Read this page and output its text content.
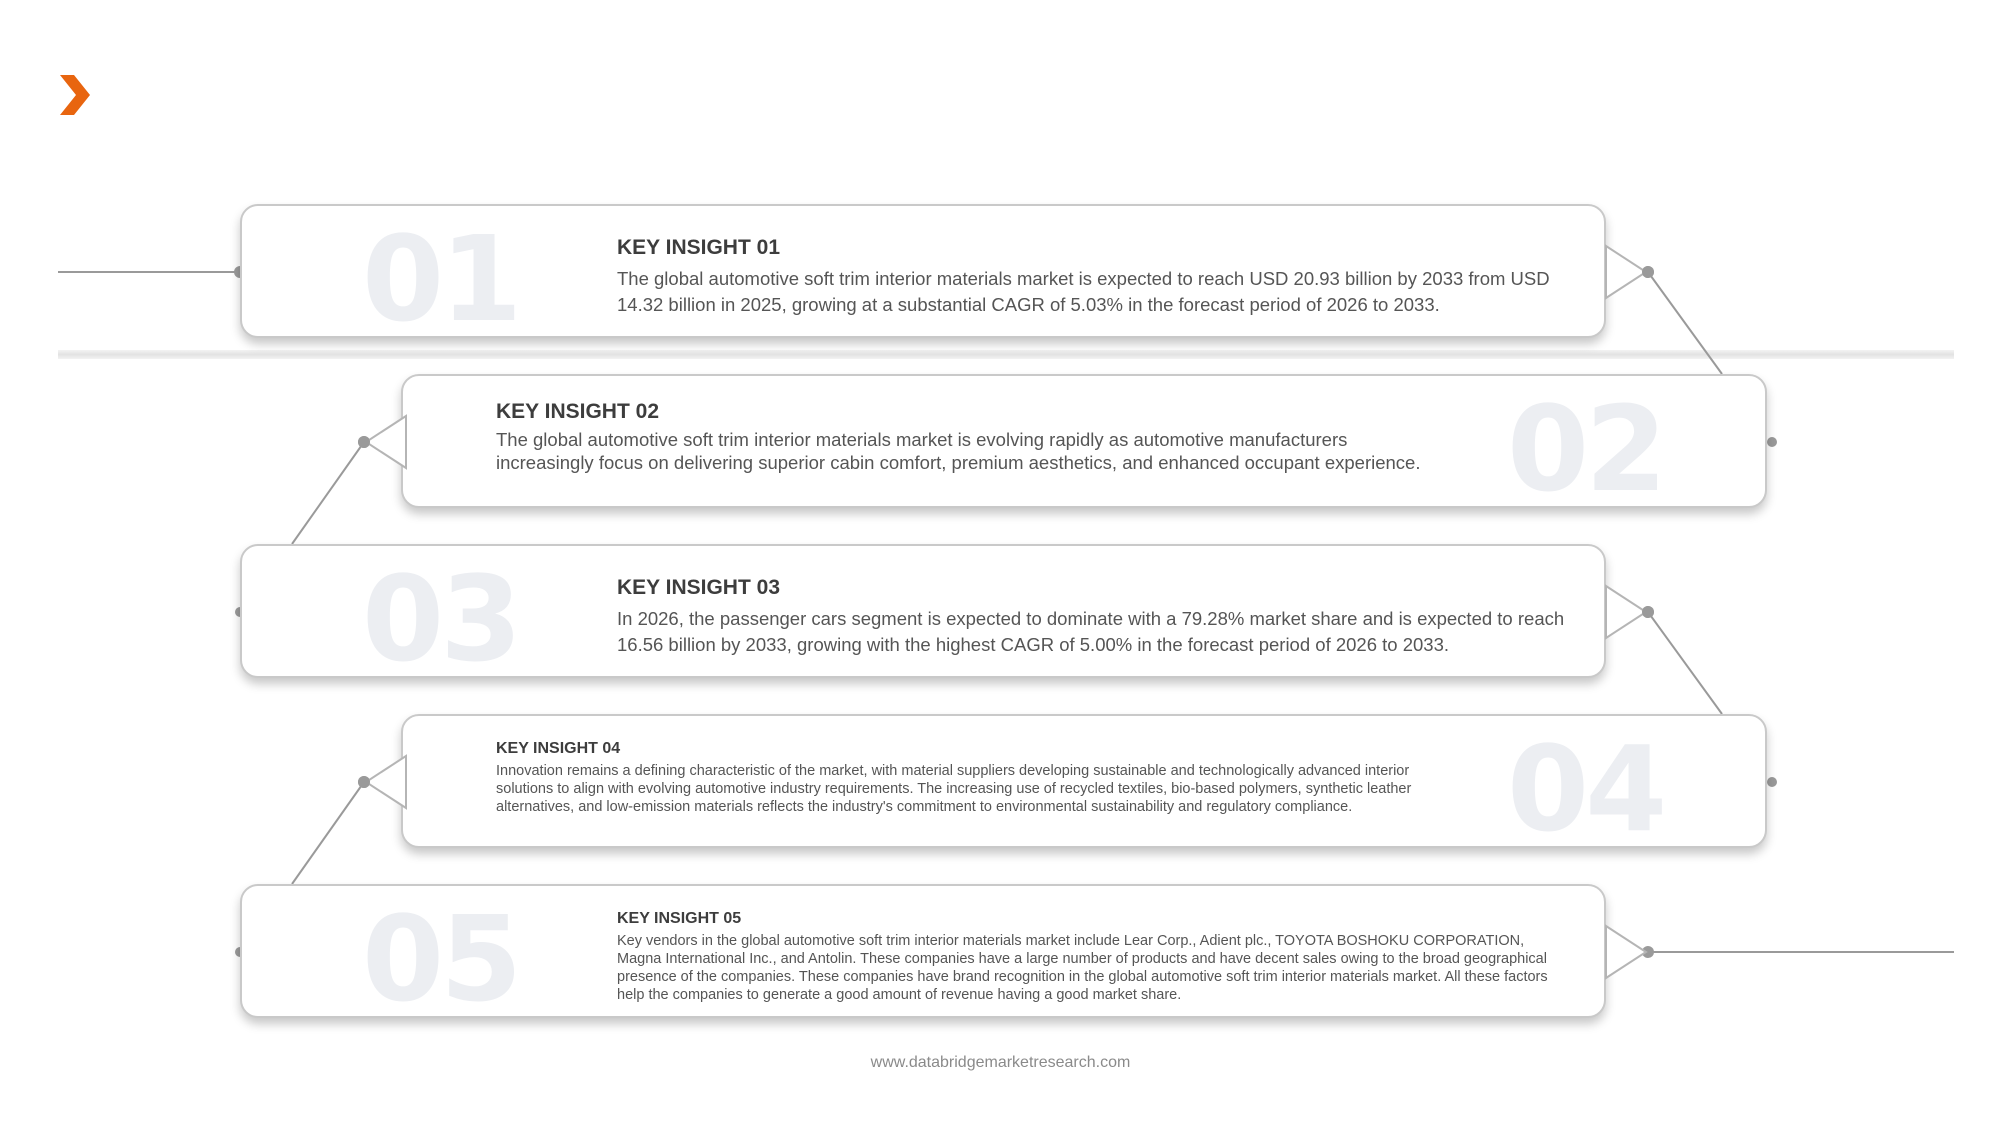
01	KEY INSIGHT 01

The global automotive soft trim interior materials market is expected to reach USD 20.93 billion by 2033 from USD 14.32 billion in 2025, growing at a substantial CAGR of 5.03% in the forecast period of 2026 to 2033.

02
KEY INSIGHT 02

The global automotive soft trim interior materials market is evolving rapidly as automotive manufacturers increasingly focus on delivering superior cabin comfort, premium aesthetics, and enhanced occupant experience.

03	KEY INSIGHT 03

In 2026, the passenger cars segment is expected to dominate with a 79.28% market share and is expected to reach 16.56 billion by 2033, growing with the highest CAGR of 5.00% in the forecast period of 2026 to 2033.

04
KEY INSIGHT 04

Innovation remains a defining characteristic of the market, with material suppliers developing sustainable and technologically advanced interior solutions to align with evolving automotive industry requirements. The increasing use of recycled textiles, bio-based polymers, synthetic leather alternatives, and low-emission materials reflects the industry's commitment to environmental sustainability and regulatory compliance.

05	KEY INSIGHT 05

Key vendors in the global automotive soft trim interior materials market include Lear Corp., Adient plc., TOYOTA BOSHOKU CORPORATION, Magna International Inc., and Antolin. These companies have a large number of products and have decent sales owing to the broad geographical presence of the companies. These companies have brand recognition in the global automotive soft trim interior materials market. All these factors help the companies to generate a good amount of revenue having a good market share.

www.databridgemarketresearch.com
